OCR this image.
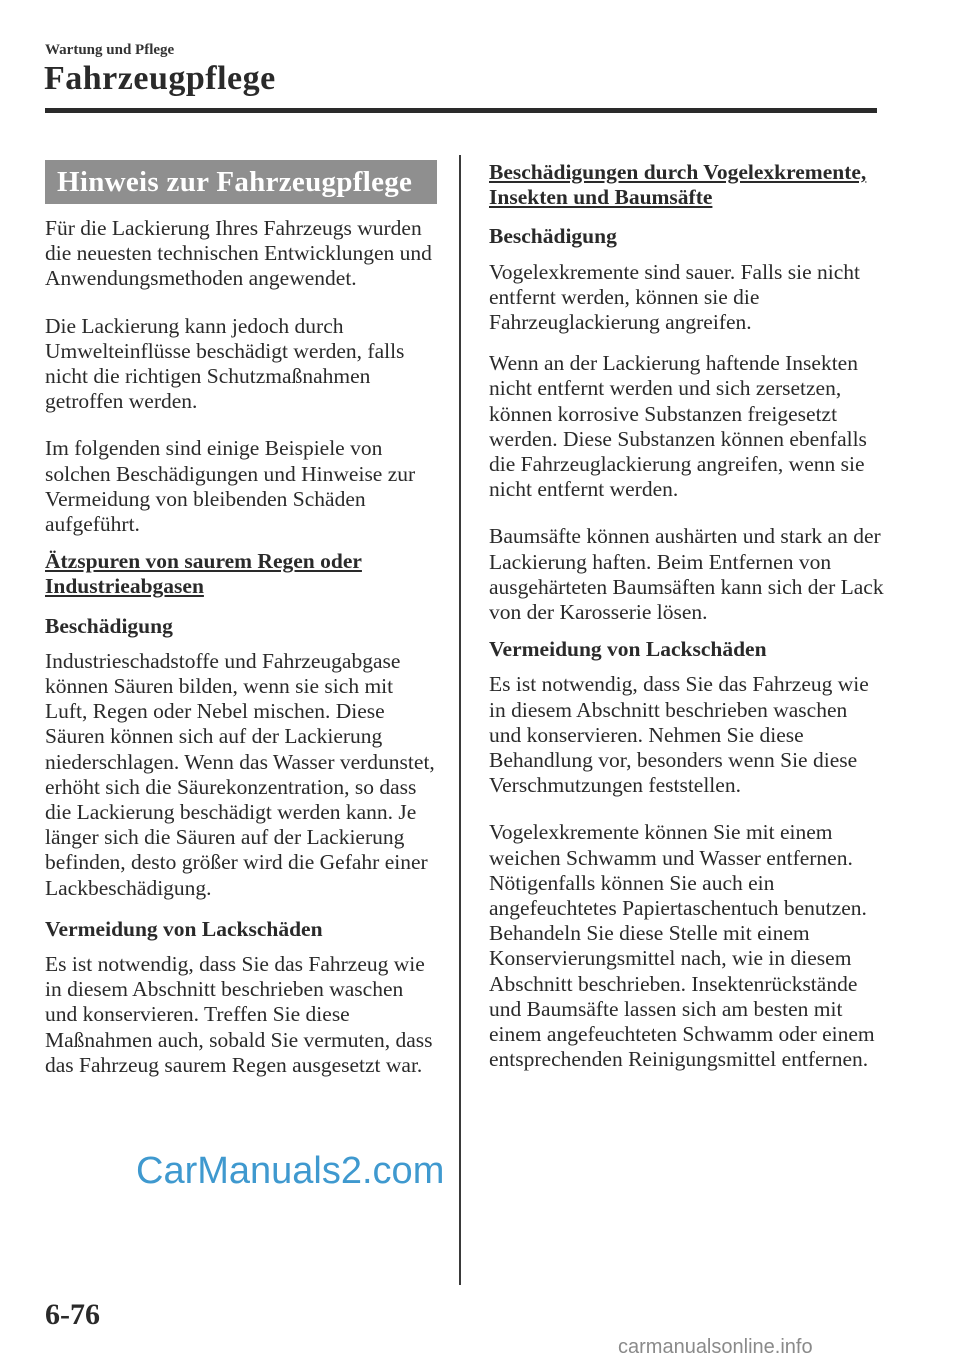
Wartung und Pflege
Fahrzeugpflege
Hinweis zur Fahrzeugpflege

Für die Lackierung Ihres Fahrzeugs wurden die neuesten technischen Entwicklungen und Anwendungsmethoden angewendet.

Die Lackierung kann jedoch durch Umwelteinflüsse beschädigt werden, falls nicht die richtigen Schutzmaßnahmen getroffen werden.

Im folgenden sind einige Beispiele von solchen Beschädigungen und Hinweise zur Vermeidung von bleibenden Schäden aufgeführt.

Ätzspuren von saurem Regen oder Industrieabgasen
Beschädigung

Industrieschadstoffe und Fahrzeugabgase können Säuren bilden, wenn sie sich mit Luft, Regen oder Nebel mischen. Diese Säuren können sich auf der Lackierung niederschlagen. Wenn das Wasser verdunstet, erhöht sich die Säurekonzentration, so dass die Lackierung beschädigt werden kann. Je länger sich die Säuren auf der Lackierung befinden, desto größer wird die Gefahr einer Lackbeschädigung.

Vermeidung von Lackschäden

Es ist notwendig, dass Sie das Fahrzeug wie in diesem Abschnitt beschrieben waschen und konservieren. Treffen Sie diese Maßnahmen auch, sobald Sie vermuten, dass das Fahrzeug saurem Regen ausgesetzt war.

Beschädigungen durch Vogelexkremente, Insekten und Baumsäfte
Beschädigung

Vogelexkremente sind sauer. Falls sie nicht entfernt werden, können sie die Fahrzeuglackierung angreifen.

Wenn an der Lackierung haftende Insekten nicht entfernt werden und sich zersetzen, können korrosive Substanzen freigesetzt werden. Diese Substanzen können ebenfalls die Fahrzeuglackierung angreifen, wenn sie nicht entfernt werden.

Baumsäfte können aushärten und stark an der Lackierung haften. Beim Entfernen von ausgehärteten Baumsäften kann sich der Lack von der Karosserie lösen.

Vermeidung von Lackschäden

Es ist notwendig, dass Sie das Fahrzeug wie in diesem Abschnitt beschrieben waschen und konservieren. Nehmen Sie diese Behandlung vor, besonders wenn Sie diese Verschmutzungen feststellen.

Vogelexkremente können Sie mit einem weichen Schwamm und Wasser entfernen. Nötigenfalls können Sie auch ein angefeuchtetes Papiertaschentuch benutzen. Behandeln Sie diese Stelle mit einem Konservierungsmittel nach, wie in diesem Abschnitt beschrieben. Insektenrückstände und Baumsäfte lassen sich am besten mit einem angefeuchteten Schwamm oder einem entsprechenden Reinigungsmittel entfernen.

CarManuals2.com
6-76
carmanualsonline.info
